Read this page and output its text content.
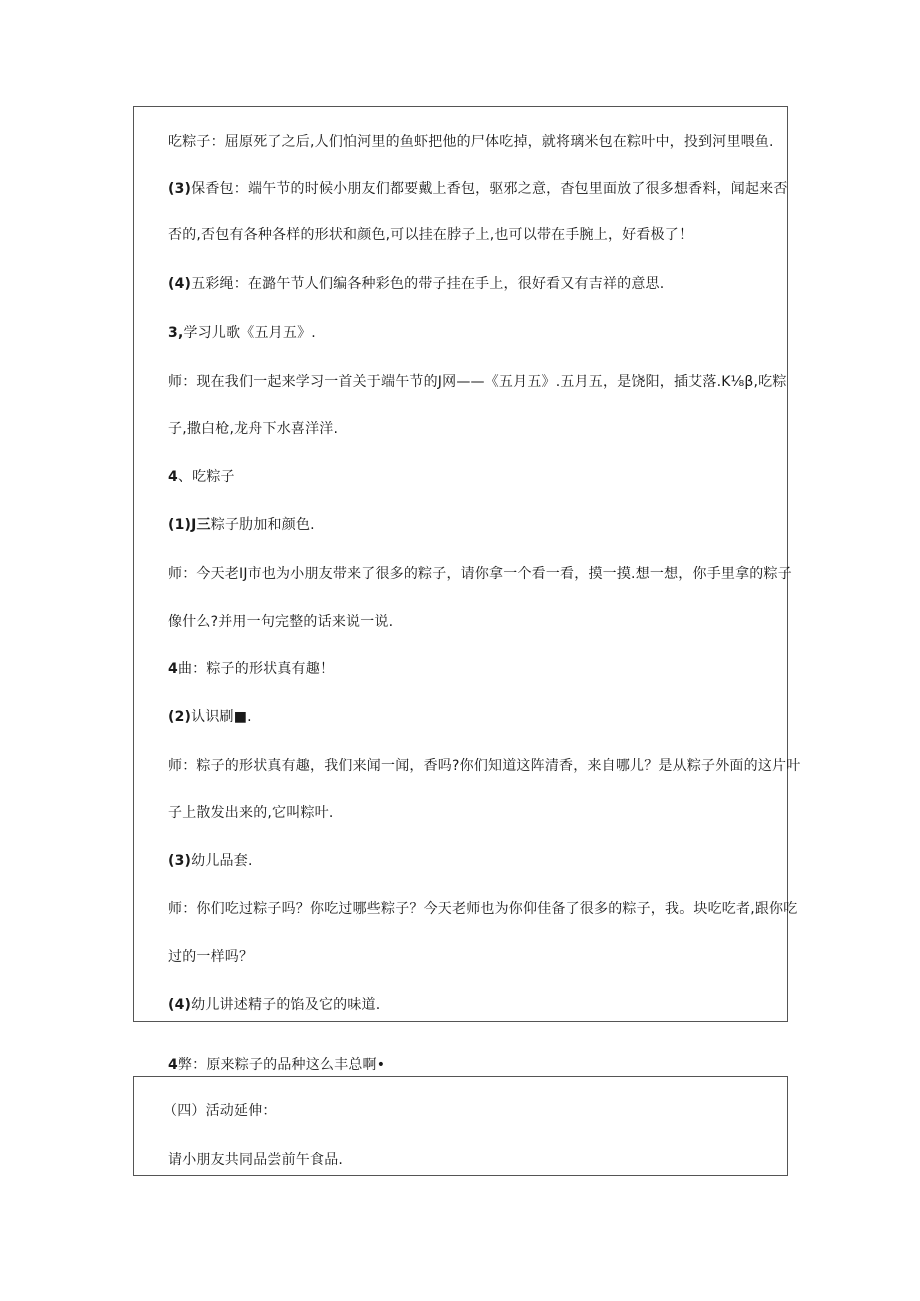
吃粽子：屈原死了之后,人们怕河里的鱼虾把他的尸体吃掉，就将璃米包在粽叶中，投到河里喂鱼.
(3)保香包：端午节的时候小朋友们都要戴上香包，驱邪之意，杳包里面放了很多想香料，闻起来否
否的,否包有各种各样的形状和颜色,可以挂在脖子上,也可以带在手腕上，好看极了！
(4)五彩绳：在潞午节人们编各种彩色的带子挂在手上，很好看又有吉祥的意思.
3,学习儿歌《五月五》.
师：现在我们一起来学习一首关于端午节的J网——《五月五》.五月五，是饶阳，插艾落.K⅛β,吃粽
子,撒白枪,龙舟下水喜洋洋.
4、吃粽子
(1)J三粽子肋加和颜色.
师：今天老IJ市也为小朋友带来了很多的粽子，请你拿一个看一看，摸一摸.想一想，你手里拿的粽子
像什么?并用一句完整的话来说一说.
4曲：粽子的形状真有趣！
(2)认识刷■.
师：粽子的形状真有趣，我们来闻一闻，香吗?你们知道这阵清香，来自哪儿？是从粽子外面的这片叶
子上散发出来的,它叫粽叶.
(3)幼儿品套.
师：你们吃过粽子吗？你吃过哪些粽子？今天老师也为你仰佳备了很多的粽子，我。块吃吃者,跟你吃
过的一样吗？
(4)幼儿讲述精子的馅及它的味道.
4弊：原来粽子的品种这么丰总啊•
（四）活动延伸：
请小朋友共同品尝前午食品.
